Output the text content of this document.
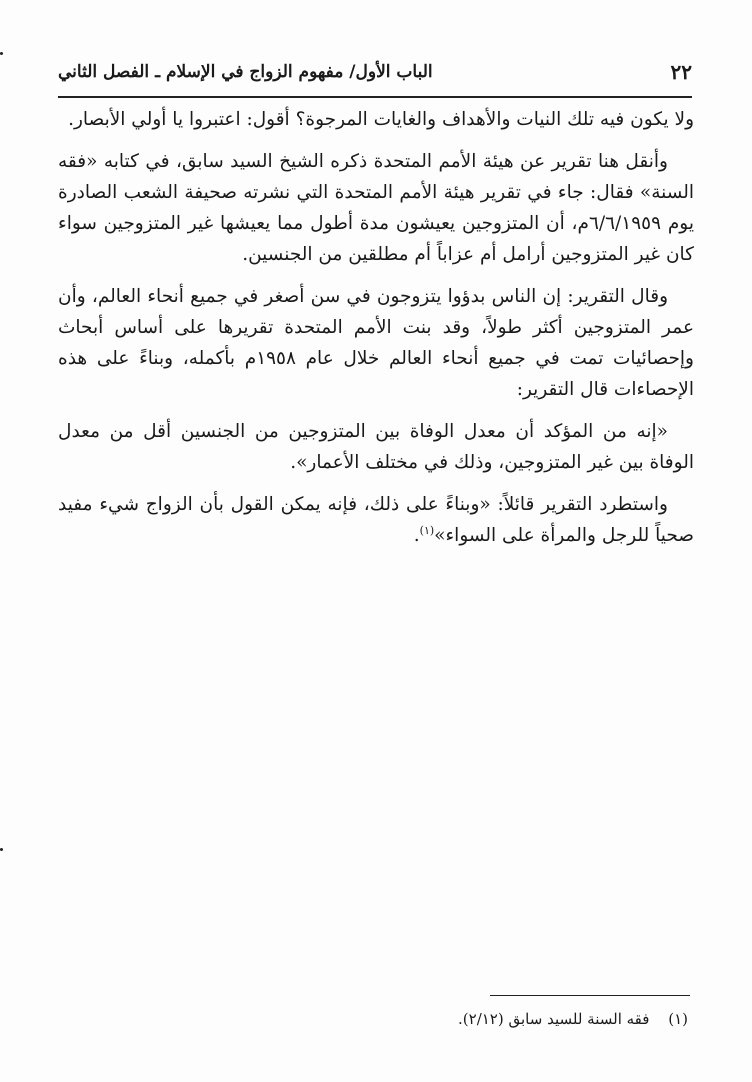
٢٢
الباب الأول/ مفهوم الزواج في الإسلام ـ الفصل الثاني

ولا يكون فيه تلك النيات والأهداف والغايات المرجوة؟ أقول: اعتبروا يا أولي الأبصار.

وأنقل هنا تقرير عن هيئة الأمم المتحدة ذكره الشيخ السيد سابق، في كتابه «فقه السنة» فقال: جاء في تقرير هيئة الأمم المتحدة التي نشرته صحيفة الشعب الصادرة يوم ٦/٦/١٩٥٩م، أن المتزوجين يعيشون مدة أطول مما يعيشها غير المتزوجين سواء كان غير المتزوجين أرامل أم عزاباً أم مطلقين من الجنسين.

وقال التقرير: إن الناس بدؤوا يتزوجون في سن أصغر في جميع أنحاء العالم، وأن عمر المتزوجين أكثر طولاً، وقد بنت الأمم المتحدة تقريرها على أساس أبحاث وإحصائيات تمت في جميع أنحاء العالم خلال عام ١٩٥٨م بأكمله، وبناءً على هذه الإحصاءات قال التقرير:

«إنه من المؤكد أن معدل الوفاة بين المتزوجين من الجنسين أقل من معدل الوفاة بين غير المتزوجين، وذلك في مختلف الأعمار».

واستطرد التقرير قائلاً: «وبناءً على ذلك، فإنه يمكن القول بأن الزواج شيء مفيد صحياً للرجل والمرأة على السواء»$^{(١)}$.

(١) فقه السنة للسيد سابق (٢/١٢).
